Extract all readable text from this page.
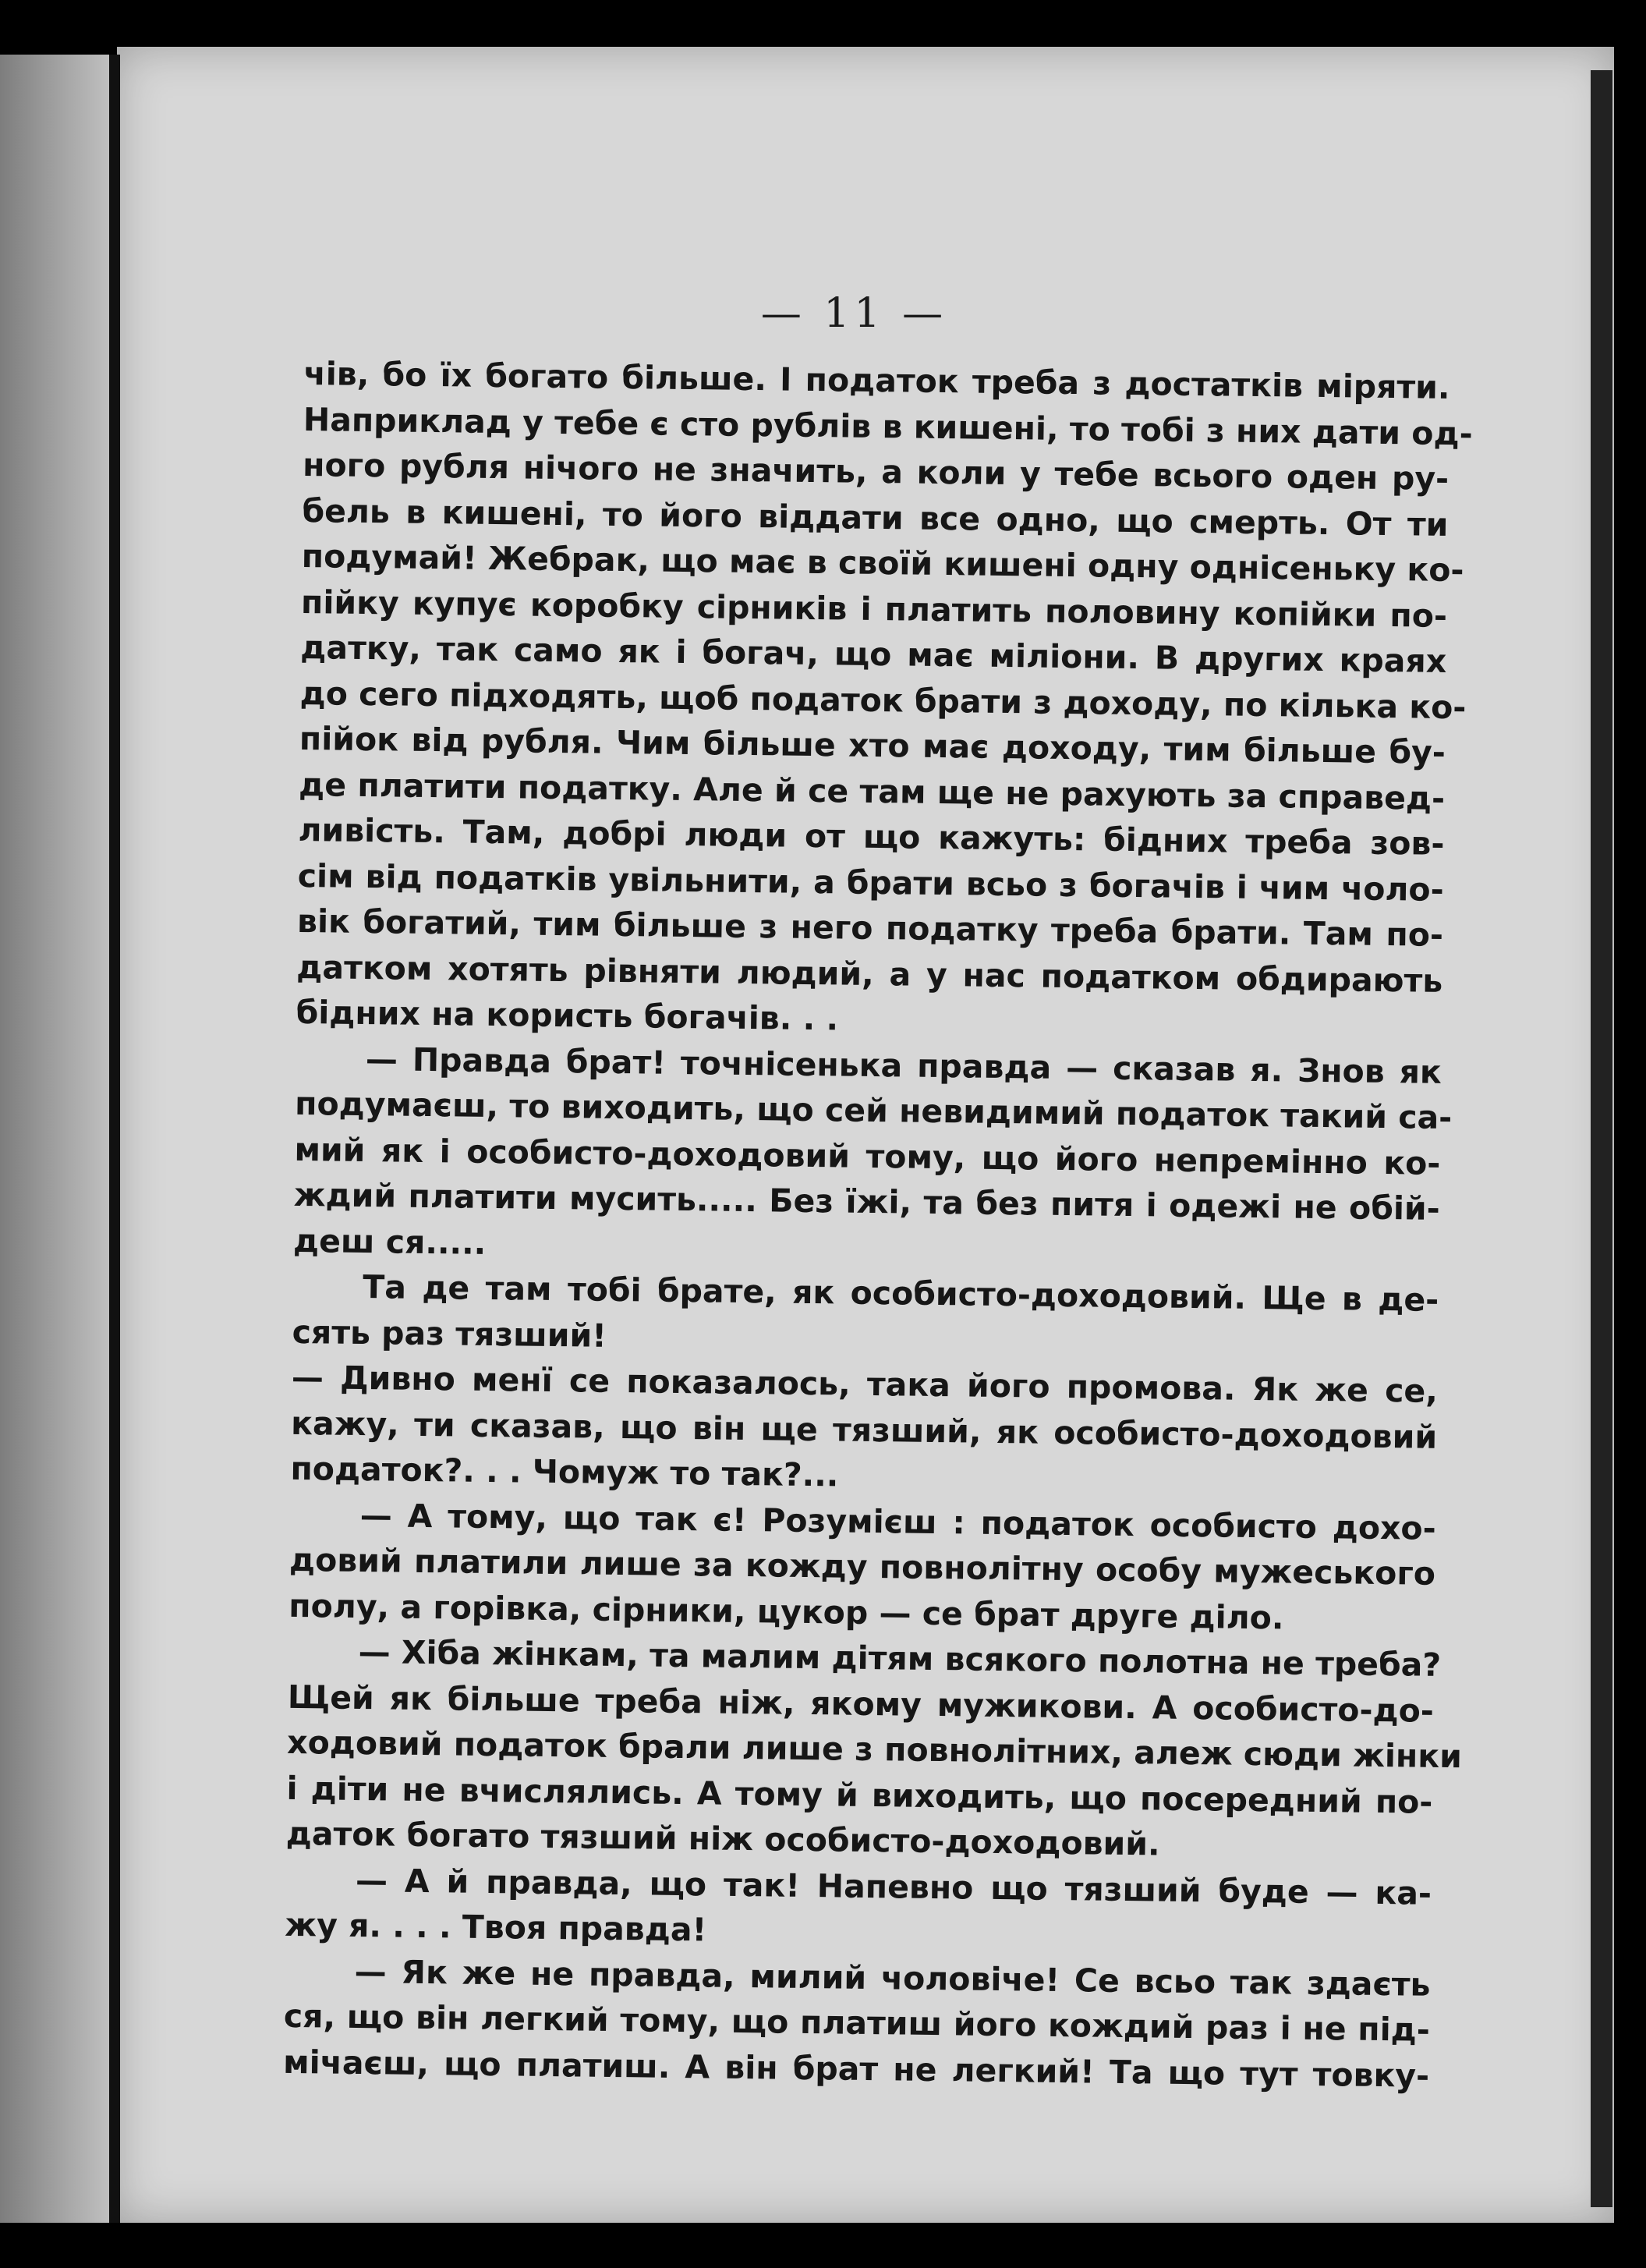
— 11 —
чів, бо їх богато більше. І податок треба з достатків міряти.
Наприклад у тебе є сто рублів в кишені, то тобі з них дати од-
ного рубля нічого не значить, а коли у тебе всього оден ру-
бель в кишені, то його віддати все одно, що смерть. От ти
подумай! Жебрак, що має в своїй кишені одну однісеньку ко-
пійку купує коробку сірників і платить половину копійки по-
датку, так само як і богач, що має міліони. В других краях
до сего підходять, щоб податок брати з доходу, по кілька ко-
пійок від рубля. Чим більше хто має доходу, тим більше бу-
де платити податку. Але й се там ще не рахують за справед-
ливість. Там, добрі люди от що кажуть: бідних треба зов-
сім від податків увільнити, а брати всьо з богачів і чим чоло-
вік богатий, тим більше з него податку треба брати. Там по-
датком хотять рівняти людий, а у нас податком обдирають
бідних на користь богачів. . .
— Правда брат! точнісенька правда — сказав я. Знов як
подумаєш, то виходить, що сей невидимий податок такий са-
мий як і особисто-доходовий тому, що його непремінно ко-
ждий платити мусить..... Без їжі, та без питя і одежі не обій-
деш ся.....
Та де там тобі брате, як особисто-доходовий. Ще в де-
сять раз тязший!
— Дивно менї се показалось, така його промова. Як же се,
кажу, ти сказав, що він ще тязший, як особисто-доходовий
податок?. . . Чомуж то так?...
— А тому, що так є! Розумієш : податок особисто дохо-
довий платили лише за кожду повнолітну особу мужеського
полу, а горівка, сірники, цукор — се брат друге діло.
— Хіба жінкам, та малим дітям всякого полотна не треба?
Щей як більше треба ніж, якому мужикови. А особисто-до-
ходовий податок брали лише з повнолітних, алеж сюди жінки
і діти не вчислялись. А тому й виходить, що посередний по-
даток богато тязший ніж особисто-доходовий.
— А й правда, що так! Напевно що тязший буде — ка-
жу я. . . . Твоя правда!
— Як же не правда, милий чоловіче! Се всьо так здаєть
ся, що він легкий тому, що платиш його кождий раз і не під-
мічаєш, що платиш. А він брат не легкий! Та що тут товку-
